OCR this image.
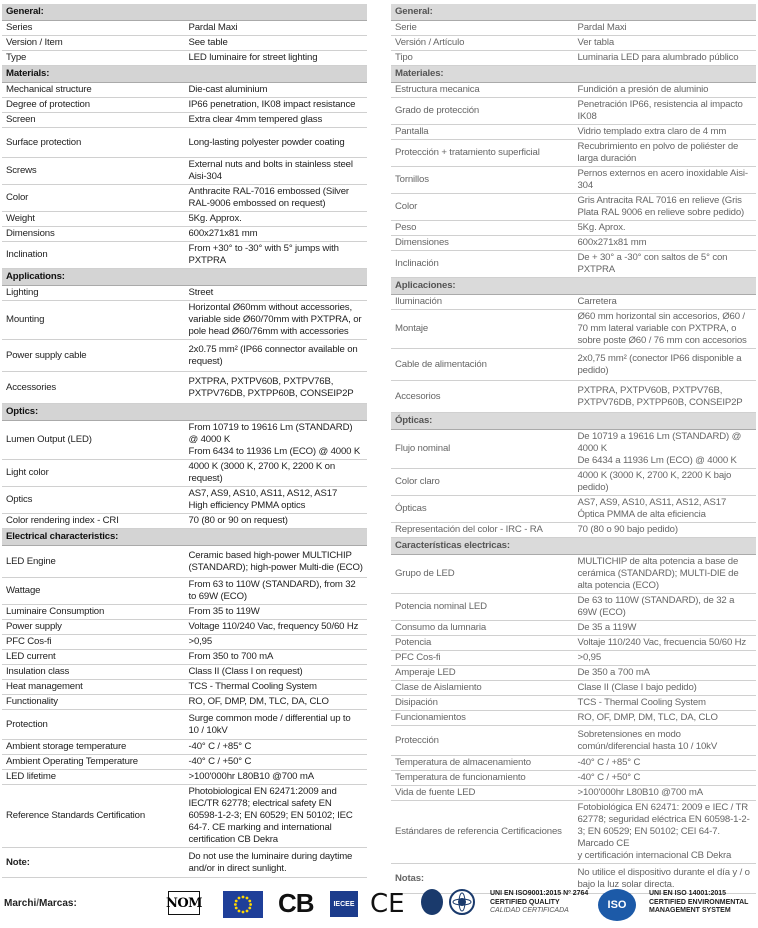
General:	
Series	Pardal Maxi
Version / Item	See table
Type	LED luminaire for street lighting
Materials:	
Mechanical structure	Die-cast aluminium
Degree of protection	IP66 penetration, IK08 impact resistance
Screen	Extra clear 4mm tempered glass
Surface protection	Long-lasting polyester powder coating
Screws	External nuts and bolts in stainless steel Aisi-304
Color	Anthracite RAL-7016 embossed (Silver RAL-9006 embossed on request)
Weight	5Kg. Approx.
Dimensions	600x271x81 mm
Inclination	From +30° to -30° with 5° jumps with PXTPRA
Applications:	
Lighting	Street
Mounting	Horizontal Ø60mm without accessories, variable side Ø60/70mm with PXTPRA, or pole head Ø60/76mm with accessories
Power supply cable	2x0.75 mm² (IP66 connector available on request)
Accessories	PXTPRA, PXTPV60B, PXTPV76B, PXTPV76DB, PXTPP60B, CONSEIP2P
Optics:	
Lumen Output (LED)	From 10719 to 19616 Lm (STANDARD) @ 4000 K
From 6434 to 11936 Lm (ECO) @ 4000 K
Light color	4000 K (3000 K, 2700 K, 2200 K on request)
Optics	AS7, AS9, AS10, AS11, AS12, AS17
High efficiency PMMA optics
Color rendering index - CRI	70 (80 or 90 on request)
Electrical characteristics:	
LED Engine	Ceramic based high-power MULTICHIP (STANDARD); high-power Multi-die (ECO)
Wattage	From 63 to 110W (STANDARD), from 32 to 69W (ECO)
Luminaire Consumption	From 35 to 119W
Power supply	Voltage 110/240 Vac, frequency 50/60 Hz
PFC Cos-fi	>0,95
LED current	From 350 to 700 mA
Insulation class	Class II (Class I on request)
Heat management	TCS - Thermal Cooling System
Functionality	RO, OF, DMP, DM, TLC, DA, CLO
Protection	Surge common mode / differential up to 10 / 10kV
Ambient storage temperature	-40° C / +85° C
Ambient Operating Temperature	-40° C / +50° C
LED lifetime	>100'000hr L80B10 @700 mA
Reference Standards Certification	Photobiological EN 62471:2009 and IEC/TR 62778; electrical safety EN 60598-1-2-3; EN 60529; EN 50102; IEC 64-7. CE marking and international certification CB Dekra
Note:	Do not use the luminaire during daytime and/or in direct sunlight.
General:	
Serie	Pardal Maxi
Versión / Artículo	Ver tabla
Tipo	Luminaria LED para alumbrado público
Materiales:	
Estructura mecanica	Fundición a presión de aluminio
Grado de protección	Penetración IP66, resistencia al impacto IK08
Pantalla	Vidrio templado extra claro de 4 mm
Protección + tratamiento superficial	Recubrimiento en polvo de poliéster de larga duración
Tornillos	Pernos externos en acero inoxidable Aisi-304
Color	Gris Antracita RAL 7016 en relieve (Gris Plata RAL 9006 en relieve sobre pedido)
Peso	5Kg. Aprox.
Dimensiones	600x271x81 mm
Inclinación	De + 30° a -30° con saltos de 5° con PXTPRA
Aplicaciones:	
Iluminación	Carretera
Montaje	Ø60 mm horizontal sin accesorios, Ø60 / 70 mm lateral variable con PXTPRA, o sobre poste Ø60 / 76 mm con accesorios
Cable de alimentación	2x0,75 mm² (conector IP66 disponible a pedido)
Accesorios	PXTPRA, PXTPV60B, PXTPV76B, PXTPV76DB, PXTPP60B, CONSEIP2P
Ópticas:	
Flujo nominal	De 10719 a 19616 Lm (STANDARD) @ 4000 K
De 6434 a 11936 Lm (ECO) @ 4000 K
Color claro	4000 K (3000 K, 2700 K, 2200 K bajo pedido)
Ópticas	AS7, AS9, AS10, AS11, AS12, AS17
Óptica PMMA de alta eficiencia
Representación del color - IRC - RA	70 (80 o 90 bajo pedido)
Características electricas:	
Grupo de LED	MULTICHIP de alta potencia a base de cerámica (STANDARD); MULTI-DIE de alta potencia (ECO)
Potencia nominal LED	De 63 to 110W (STANDARD), de 32 a 69W (ECO)
Consumo da lumnaria	De 35 a 119W
Potencia	Voltaje 110/240 Vac, frecuencia 50/60 Hz
PFC Cos-fi	>0,95
Amperaje LED	De 350 a 700 mA
Clase de Aislamiento	Clase II (Clase I bajo pedido)
Disipación	TCS - Thermal Cooling System
Funcionamientos	RO, OF, DMP, DM, TLC, DA, CLO
Protección	Sobretensiones en modo común/diferencial hasta 10 / 10kV
Temperatura de almacenamiento	-40° C / +85° C
Temperatura de funcionamiento	-40° C / +50° C
Vida de fuente LED	>100'000hr L80B10 @700 mA
Estándares de referencia Certificaciones	Fotobiológica EN 62471: 2009 e IEC / TR 62778; seguridad eléctrica EN 60598-1-2-3; EN 60529; EN 50102; CEI 64-7. Marcado CE
y certificación internacional CB Dekra
Notas:	No utilice el dispositivo durante el día y / o bajo la luz solar directa.
Marchi/Marcas:	NOM	CB	IECEE CE	UNI EN ISO9001:2015 Nº 2764
CERTIFIED QUALITY
CALIDAD CERTIFICADA	ISO
UNI EN ISO 14001:2015
CERTIFIED ENVIRONMENTAL
MANAGEMENT SYSTEM
